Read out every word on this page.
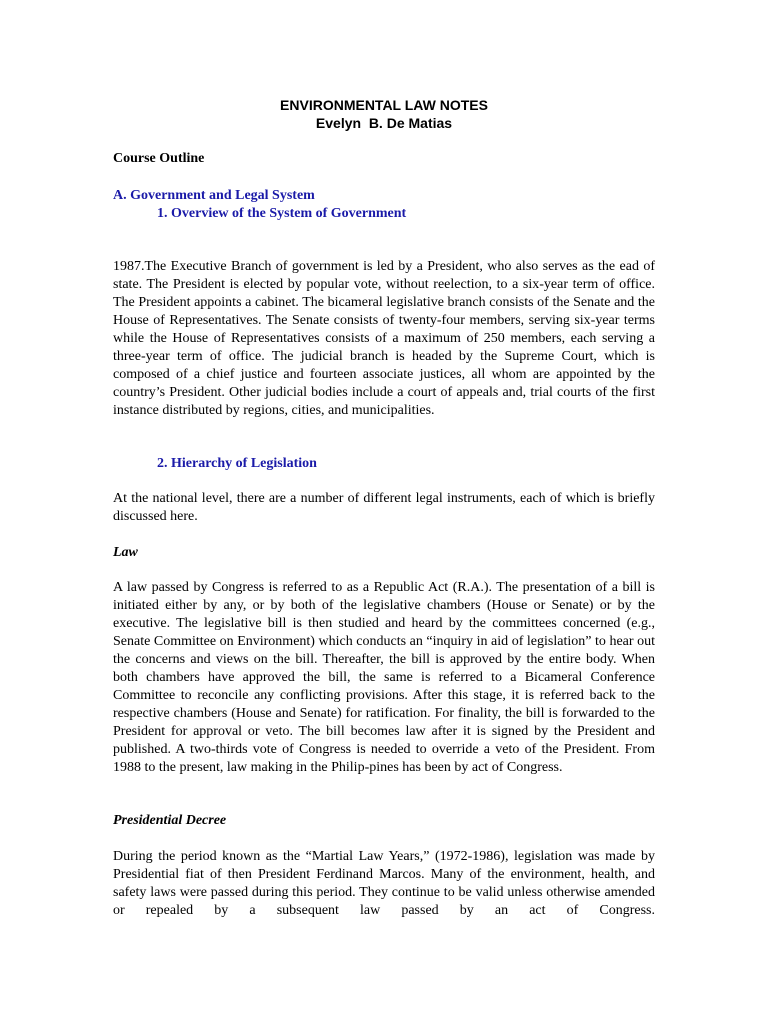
ENVIRONMENTAL LAW NOTES
Evelyn  B. De Matias
Course Outline
A. Government and Legal System
1. Overview of the System of Government
1987.The Executive Branch of government is led by a President, who also serves as the ead of state. The President is elected by popular vote, without reelection, to a six-year term of office. The President appoints a cabinet. The bicameral legislative branch consists of the Senate and the House of Representatives. The Senate consists of twenty-four members, serving six-year terms while the House of Representatives consists of a maximum of 250 members, each serving a three-year term of office. The judicial branch is headed by the Supreme Court, which is composed of a chief justice and fourteen associate justices, all whom are appointed by the country’s President. Other judicial bodies include a court of appeals and, trial courts of the first instance distributed by regions, cities, and municipalities.
2. Hierarchy of Legislation
At the national level, there are a number of different legal instruments, each of which is briefly discussed here.
Law
A law passed by Congress is referred to as a Republic Act (R.A.). The presentation of a bill is initiated either by any, or by both of the legislative chambers (House or Senate) or by the executive. The legislative bill is then studied and heard by the committees concerned (e.g., Senate Committee on Environment) which conducts an “inquiry in aid of legislation” to hear out the concerns and views on the bill. Thereafter, the bill is approved by the entire body. When both chambers have approved the bill, the same is referred to a Bicameral Conference Committee to reconcile any conflicting provisions. After this stage, it is referred back to the respective chambers (House and Senate) for ratification. For finality, the bill is forwarded to the President for approval or veto. The bill becomes law after it is signed by the President and published. A two-thirds vote of Congress is needed to override a veto of the President. From 1988 to the present, law making in the Philip-pines has been by act of Congress.
Presidential Decree
During the period known as the “Martial Law Years,” (1972-1986), legislation was made by Presidential fiat of then President Ferdinand Marcos. Many of the environment, health, and safety laws were passed during this period. They continue to be valid unless otherwise amended or repealed by a subsequent law passed by an act of Congress.
